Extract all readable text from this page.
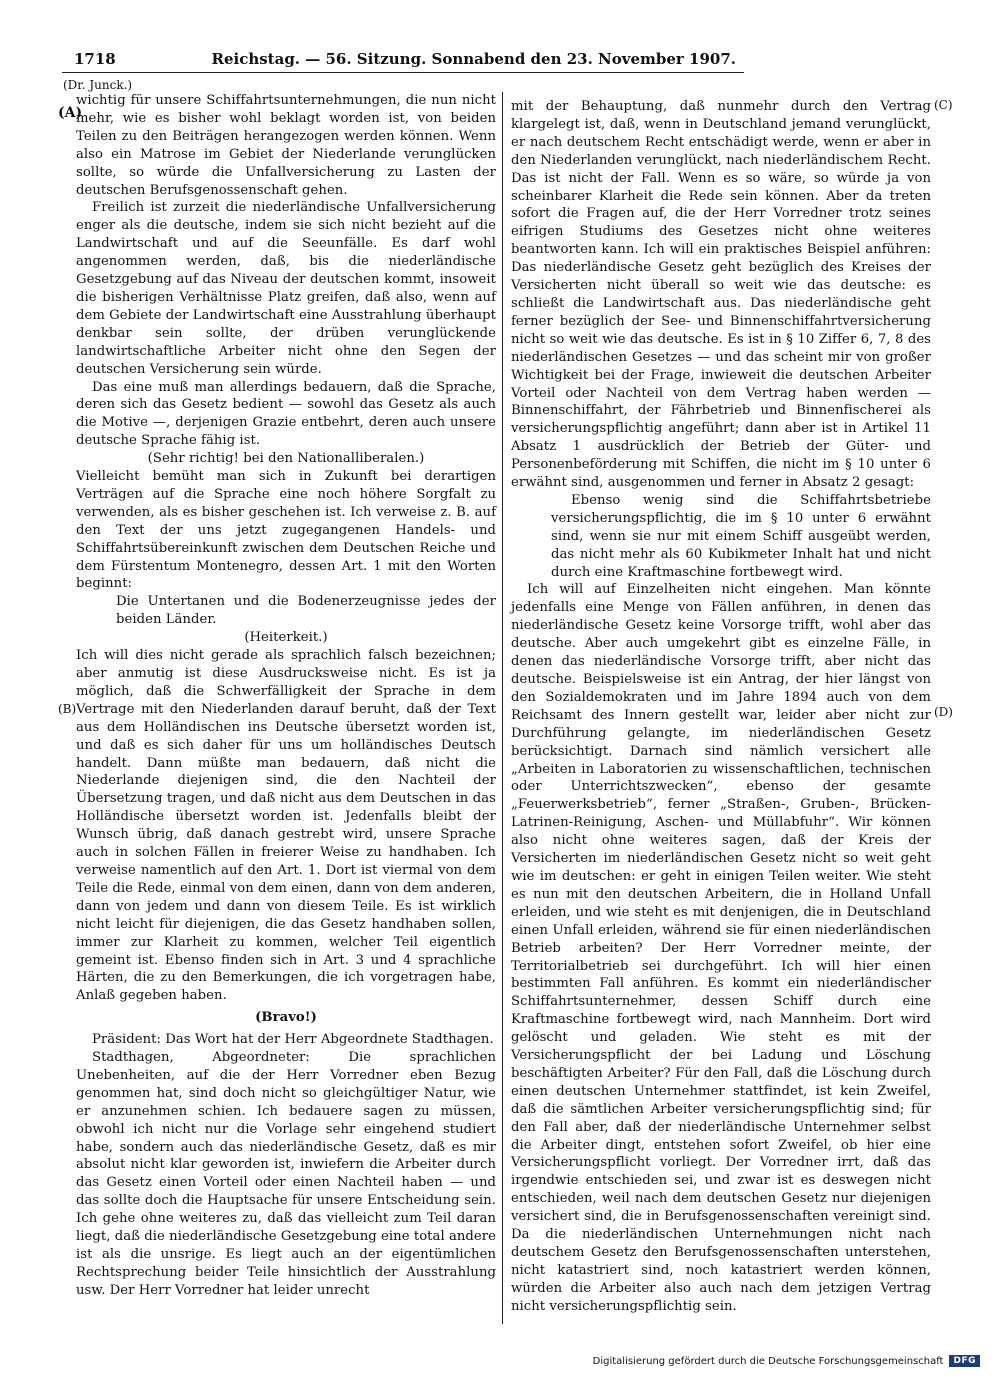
1718	Reichstag. — 56. Sitzung. Sonnabend den 23. November 1907.
(Dr. Junck.)
(A)
(B)
(C)
(D)

wichtig für unsere Schiffahrtsunternehmungen, die nun nicht mehr, wie es bisher wohl beklagt worden ist, von beiden Teilen zu den Beiträgen herangezogen werden können. Wenn also ein Matrose im Gebiet der Niederlande verunglücken sollte, so würde die Unfallversicherung zu Lasten der deutschen Berufsgenossenschaft gehen.

Freilich ist zurzeit die niederländische Unfallversicherung enger als die deutsche, indem sie sich nicht bezieht auf die Landwirtschaft und auf die Seeunfälle. Es darf wohl angenommen werden, daß, bis die niederländische Gesetzgebung auf das Niveau der deutschen kommt, insoweit die bisherigen Verhältnisse Platz greifen, daß also, wenn auf dem Gebiete der Landwirtschaft eine Ausstrahlung überhaupt denkbar sein sollte, der drüben verunglückende landwirtschaftliche Arbeiter nicht ohne den Segen der deutschen Versicherung sein würde.

Das eine muß man allerdings bedauern, daß die Sprache, deren sich das Gesetz bedient — sowohl das Gesetz als auch die Motive —, derjenigen Grazie entbehrt, deren auch unsere deutsche Sprache fähig ist.

(Sehr richtig! bei den Nationalliberalen.)

Vielleicht bemüht man sich in Zukunft bei derartigen Verträgen auf die Sprache eine noch höhere Sorgfalt zu verwenden, als es bisher geschehen ist. Ich verweise z. B. auf den Text der uns jetzt zugegangenen Handels- und Schiffahrtsübereinkunft zwischen dem Deutschen Reiche und dem Fürstentum Montenegro, dessen Art. 1 mit den Worten beginnt:

Die Untertanen und die Bodenerzeugnisse jedes der beiden Länder.

(Heiterkeit.)

Ich will dies nicht gerade als sprachlich falsch bezeichnen; aber anmutig ist diese Ausdrucksweise nicht. Es ist ja möglich, daß die Schwerfälligkeit der Sprache in dem Vertrage mit den Niederlanden darauf beruht, daß der Text aus dem Holländischen ins Deutsche übersetzt worden ist, und daß es sich daher für uns um holländisches Deutsch handelt. Dann müßte man bedauern, daß nicht die Niederlande diejenigen sind, die den Nachteil der Übersetzung tragen, und daß nicht aus dem Deutschen in das Holländische übersetzt worden ist. Jedenfalls bleibt der Wunsch übrig, daß danach gestrebt wird, unsere Sprache auch in solchen Fällen in freierer Weise zu handhaben. Ich verweise namentlich auf den Art. 1. Dort ist viermal von dem Teile die Rede, einmal von dem einen, dann von dem anderen, dann von jedem und dann von diesem Teile. Es ist wirklich nicht leicht für diejenigen, die das Gesetz handhaben sollen, immer zur Klarheit zu kommen, welcher Teil eigentlich gemeint ist. Ebenso finden sich in Art. 3 und 4 sprachliche Härten, die zu den Bemerkungen, die ich vorgetragen habe, Anlaß gegeben haben.

(Bravo!)

Präsident: Das Wort hat der Herr Abgeordnete Stadthagen.

Stadthagen, Abgeordneter: Die sprachlichen Unebenheiten, auf die der Herr Vorredner eben Bezug genommen hat, sind doch nicht so gleichgültiger Natur, wie er anzunehmen schien. Ich bedauere sagen zu müssen, obwohl ich nicht nur die Vorlage sehr eingehend studiert habe, sondern auch das niederländische Gesetz, daß es mir absolut nicht klar geworden ist, inwiefern die Arbeiter durch das Gesetz einen Vorteil oder einen Nachteil haben — und das sollte doch die Hauptsache für unsere Entscheidung sein. Ich gehe ohne weiteres zu, daß das vielleicht zum Teil daran liegt, daß die niederländische Gesetzgebung eine total andere ist als die unsrige. Es liegt auch an der eigentümlichen Rechtsprechung beider Teile hinsichtlich der Ausstrahlung usw. Der Herr Vorredner hat leider unrecht

mit der Behauptung, daß nunmehr durch den Vertrag klargelegt ist, daß, wenn in Deutschland jemand verunglückt, er nach deutschem Recht entschädigt werde, wenn er aber in den Niederlanden verunglückt, nach niederländischem Recht. Das ist nicht der Fall. Wenn es so wäre, so würde ja von scheinbarer Klarheit die Rede sein können. Aber da treten sofort die Fragen auf, die der Herr Vorredner trotz seines eifrigen Studiums des Gesetzes nicht ohne weiteres beantworten kann. Ich will ein praktisches Beispiel anführen: Das niederländische Gesetz geht bezüglich des Kreises der Versicherten nicht überall so weit wie das deutsche: es schließt die Landwirtschaft aus. Das niederländische geht ferner bezüglich der See- und Binnenschiffahrtversicherung nicht so weit wie das deutsche. Es ist in § 10 Ziffer 6, 7, 8 des niederländischen Gesetzes — und das scheint mir von großer Wichtigkeit bei der Frage, inwieweit die deutschen Arbeiter Vorteil oder Nachteil von dem Vertrag haben werden — Binnenschiffahrt, der Fährbetrieb und Binnenfischerei als versicherungspflichtig angeführt; dann aber ist in Artikel 11 Absatz 1 ausdrücklich der Betrieb der Güter- und Personenbeförderung mit Schiffen, die nicht im § 10 unter 6 erwähnt sind, ausgenommen und ferner in Absatz 2 gesagt:

Ebenso wenig sind die Schiffahrtsbetriebe versicherungspflichtig, die im § 10 unter 6 erwähnt sind, wenn sie nur mit einem Schiff ausgeübt werden, das nicht mehr als 60 Kubikmeter Inhalt hat und nicht durch eine Kraftmaschine fortbewegt wird.

Ich will auf Einzelheiten nicht eingehen. Man könnte jedenfalls eine Menge von Fällen anführen, in denen das niederländische Gesetz keine Vorsorge trifft, wohl aber das deutsche. Aber auch umgekehrt gibt es einzelne Fälle, in denen das niederländische Vorsorge trifft, aber nicht das deutsche. Beispielsweise ist ein Antrag, der hier längst von den Sozialdemokraten und im Jahre 1894 auch von dem Reichsamt des Innern gestellt war, leider aber nicht zur Durchführung gelangte, im niederländischen Gesetz berücksichtigt. Darnach sind nämlich versichert alle „Arbeiten in Laboratorien zu wissenschaftlichen, technischen oder Unterrichtszwecken“, ebenso der gesamte „Feuerwerksbetrieb“, ferner „Straßen-, Gruben-, Brücken-Latrinen-Reinigung, Aschen- und Müllabfuhr“. Wir können also nicht ohne weiteres sagen, daß der Kreis der Versicherten im niederländischen Gesetz nicht so weit geht wie im deutschen: er geht in einigen Teilen weiter. Wie steht es nun mit den deutschen Arbeitern, die in Holland Unfall erleiden, und wie steht es mit denjenigen, die in Deutschland einen Unfall erleiden, während sie für einen niederländischen Betrieb arbeiten? Der Herr Vorredner meinte, der Territorialbetrieb sei durchgeführt. Ich will hier einen bestimmten Fall anführen. Es kommt ein niederländischer Schiffahrtsunternehmer, dessen Schiff durch eine Kraftmaschine fortbewegt wird, nach Mannheim. Dort wird gelöscht und geladen. Wie steht es mit der Versicherungspflicht der bei Ladung und Löschung beschäftigten Arbeiter? Für den Fall, daß die Löschung durch einen deutschen Unternehmer stattfindet, ist kein Zweifel, daß die sämtlichen Arbeiter versicherungspflichtig sind; für den Fall aber, daß der niederländische Unternehmer selbst die Arbeiter dingt, entstehen sofort Zweifel, ob hier eine Versicherungspflicht vorliegt. Der Vorredner irrt, daß das irgendwie entschieden sei, und zwar ist es deswegen nicht entschieden, weil nach dem deutschen Gesetz nur diejenigen versichert sind, die in Berufsgenossenschaften vereinigt sind. Da die niederländischen Unternehmungen nicht nach deutschem Gesetz den Berufsgenossenschaften unterstehen, nicht katastriert sind, noch katastriert werden können, würden die Arbeiter also auch nach dem jetzigen Vertrag nicht versicherungspflichtig sein.

Digitalisierung gefördert durch die Deutsche Forschungsgemeinschaft	DFG
